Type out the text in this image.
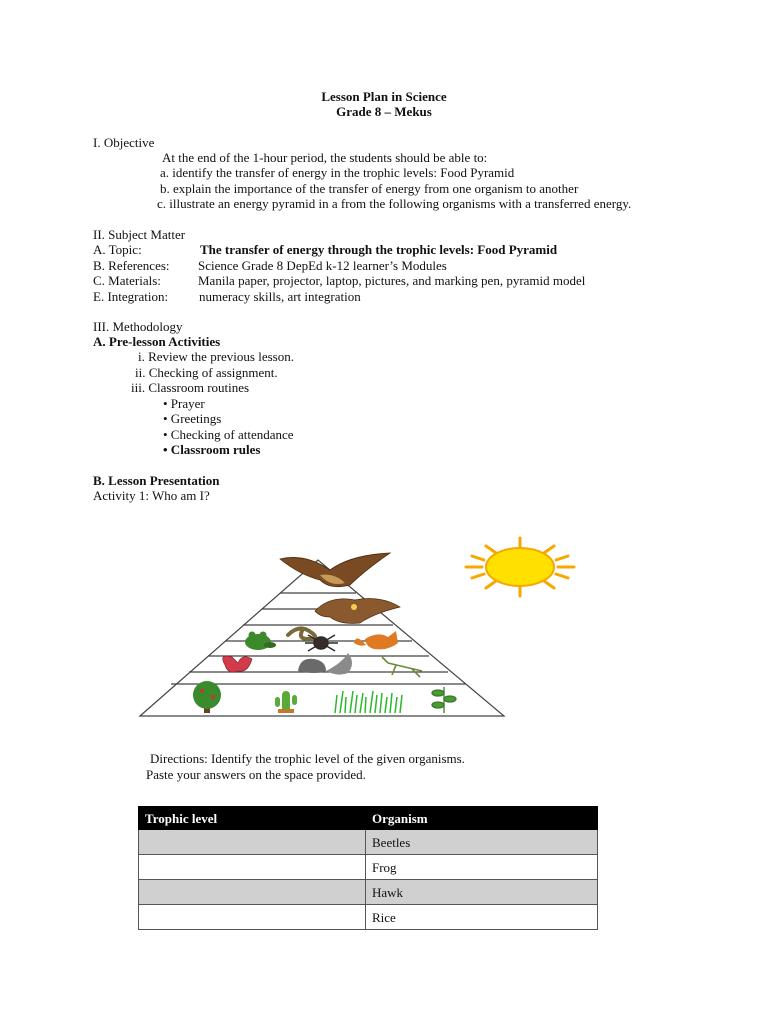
Lesson Plan in Science
Grade 8 – Mekus
I. Objective
At the end of the 1-hour period, the students should be able to:
a. identify the transfer of energy in the trophic levels: Food Pyramid
b. explain the importance of the transfer of energy from one organism to another
c. illustrate an energy pyramid in a from the following organisms with a transferred energy.
II. Subject Matter
A. Topic:	The transfer of energy through the trophic levels: Food Pyramid
B. References: Science Grade 8 DepEd k-12 learner’s Modules
C. Materials:	Manila paper, projector, laptop, pictures, and marking pen, pyramid model
E. Integration: numeracy skills, art integration
III. Methodology
A. Pre-lesson Activities
i. Review the previous lesson.
ii. Checking of assignment.
iii. Classroom routines
• Prayer
• Greetings
• Checking of attendance
• Classroom rules
B. Lesson Presentation
Activity 1: Who am I?
Directions: Identify the trophic level of the given organisms.
Paste your answers on the space provided.
Trophic level	Organism
	Beetles
	Frog
	Hawk
	Rice
